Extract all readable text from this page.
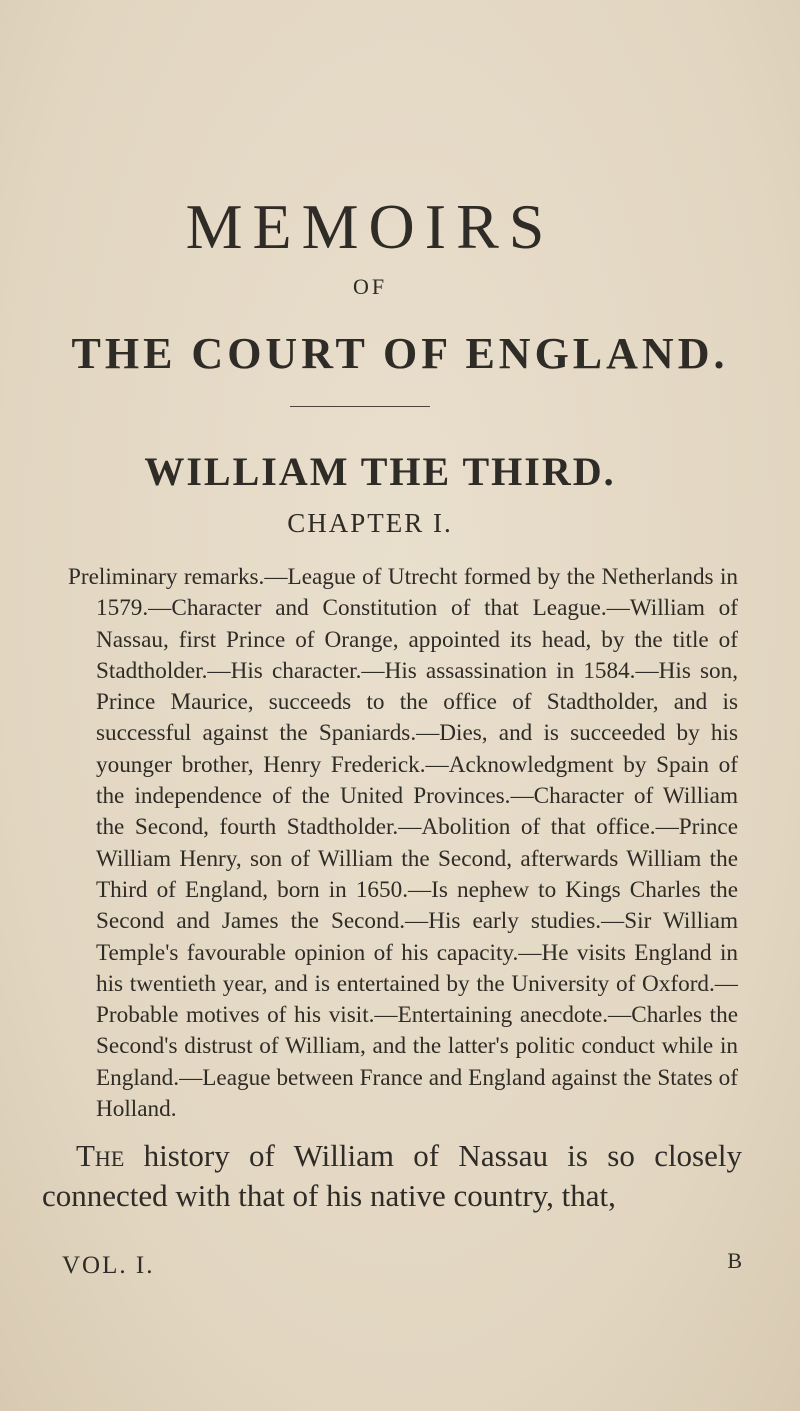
MEMOIRS
OF
THE COURT OF ENGLAND.
WILLIAM THE THIRD.
CHAPTER I.

Preliminary remarks.—League of Utrecht formed by the Netherlands in 1579.—Character and Constitution of that League.—William of Nassau, first Prince of Orange, appointed its head, by the title of Stadtholder.—His character.—His assassination in 1584.—His son, Prince Maurice, succeeds to the office of Stadtholder, and is successful against the Spaniards.—Dies, and is succeeded by his younger brother, Henry Frederick.—Acknowledgment by Spain of the independence of the United Provinces.—Character of William the Second, fourth Stadtholder.—Abolition of that office.—Prince William Henry, son of William the Second, afterwards William the Third of England, born in 1650.—Is nephew to Kings Charles the Second and James the Second.—His early studies.—Sir William Temple's favourable opinion of his capacity.—He visits England in his twentieth year, and is entertained by the University of Oxford.—Probable motives of his visit.—Entertaining anecdote.—Charles the Second's distrust of William, and the latter's politic conduct while in England.—League between France and England against the States of Holland.

The history of William of Nassau is so closely connected with that of his native country, that,

VOL. I.	B
